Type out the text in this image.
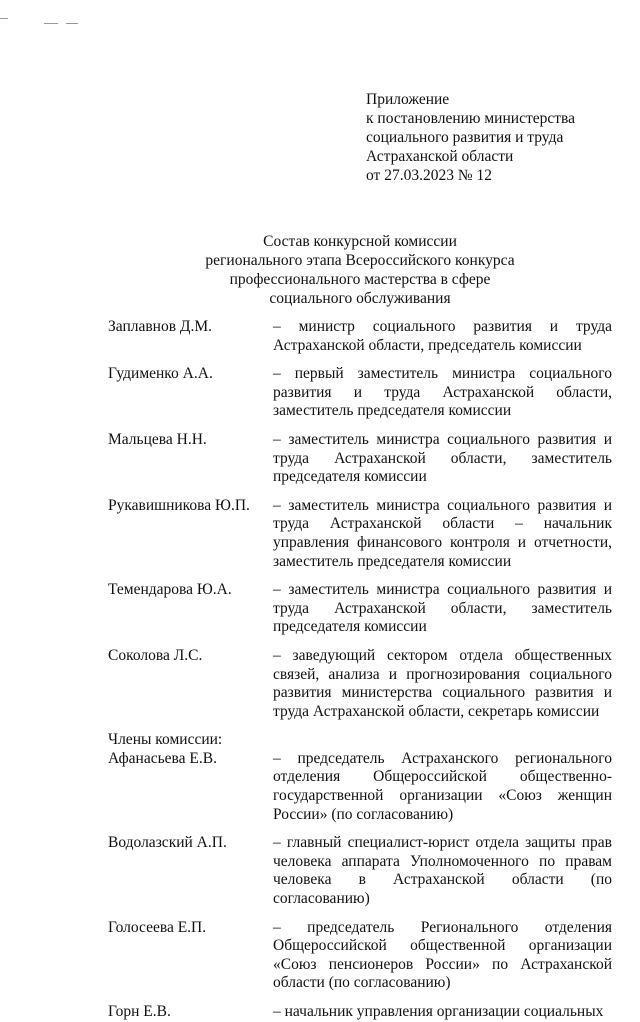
Приложение
к постановлению министерства
социального развития и труда
Астраханской области
от 27.03.2023 № 12
Состав конкурсной комиссии
регионального этапа Всероссийского конкурса
профессионального мастерства в сфере
социального обслуживания
Заплавнов Д.М.	– министр социального развития и труда Астраханской области, председатель комиссии
Гудименко А.А.	– первый заместитель министра социального развития и труда Астраханской области, заместитель председателя комиссии
Мальцева Н.Н.	– заместитель министра социального развития и труда Астраханской области, заместитель председателя комиссии
Рукавишникова Ю.П.	– заместитель министра социального развития и труда Астраханской области – начальник управления финансового контроля и отчетности, заместитель председателя комиссии
Темендарова Ю.А.	– заместитель министра социального развития и труда Астраханской области, заместитель председателя комиссии
Соколова Л.С.	– заведующий сектором отдела общественных связей, анализа и прогнозирования социального развития министерства социального развития и труда Астраханской области, секретарь комиссии
Члены комиссии:
Афанасьева Е.В.	– председатель Астраханского регионального отделения Общероссийской общественно-государственной организации «Союз женщин России» (по согласованию)
Водолазский А.П.	– главный специалист-юрист отдела защиты прав человека аппарата Уполномоченного по правам человека в Астраханской области (по согласованию)
Голосеева Е.П.	– председатель Регионального отделения Общероссийской общественной организации «Союз пенсионеров России» по Астраханской области (по согласованию)
Горн Е.В.	– начальник управления организации социальных
